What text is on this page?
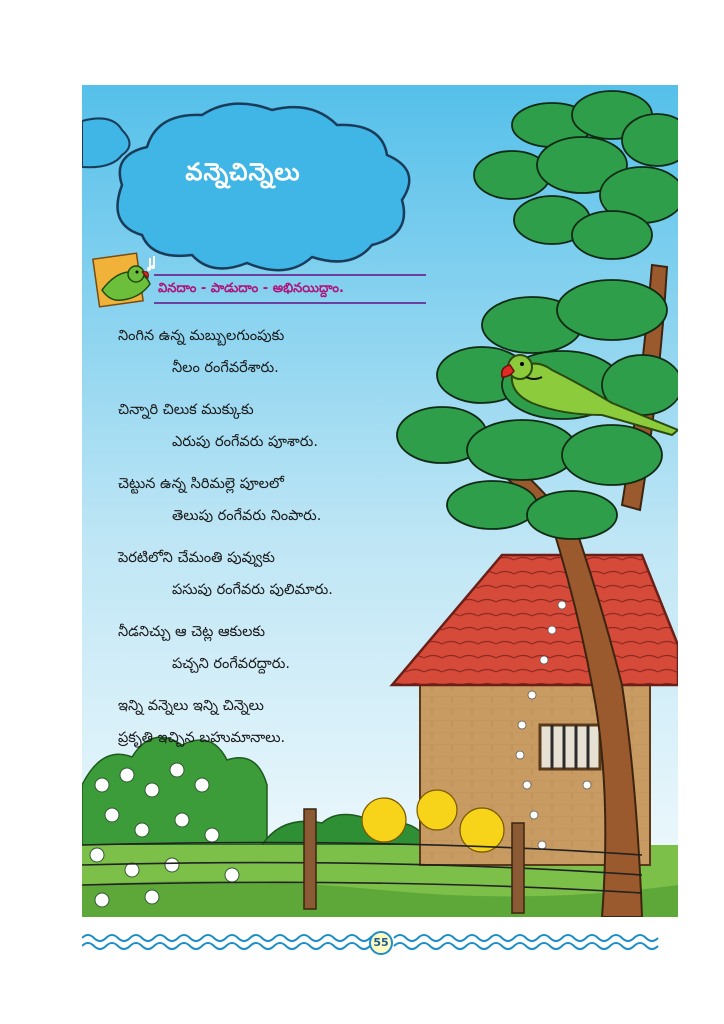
వన్నెచిన్నెలు
వినదాం - పాడుదాం - అభినయిద్దాం.
నింగిన ఉన్న మబ్బులగుంపుకు
నీలం రంగేవరేశారు.
చిన్నారి చిలుక ముక్కుకు
ఎరుపు రంగేవరు పూశారు.
చెట్టున ఉన్న సిరిమల్లె పూలలో
తెలుపు రంగేవరు నింపారు.
పెరటిలోని చేమంతి పువ్వుకు
పసుపు రంగేవరు పులిమారు.
నీడనిచ్చు ఆ చెట్ల ఆకులకు
పచ్చని రంగేవరద్దారు.
ఇన్ని వన్నెలు ఇన్ని చిన్నెలు
ప్రకృతి ఇచ్చిన బహుమానాలు.
55
